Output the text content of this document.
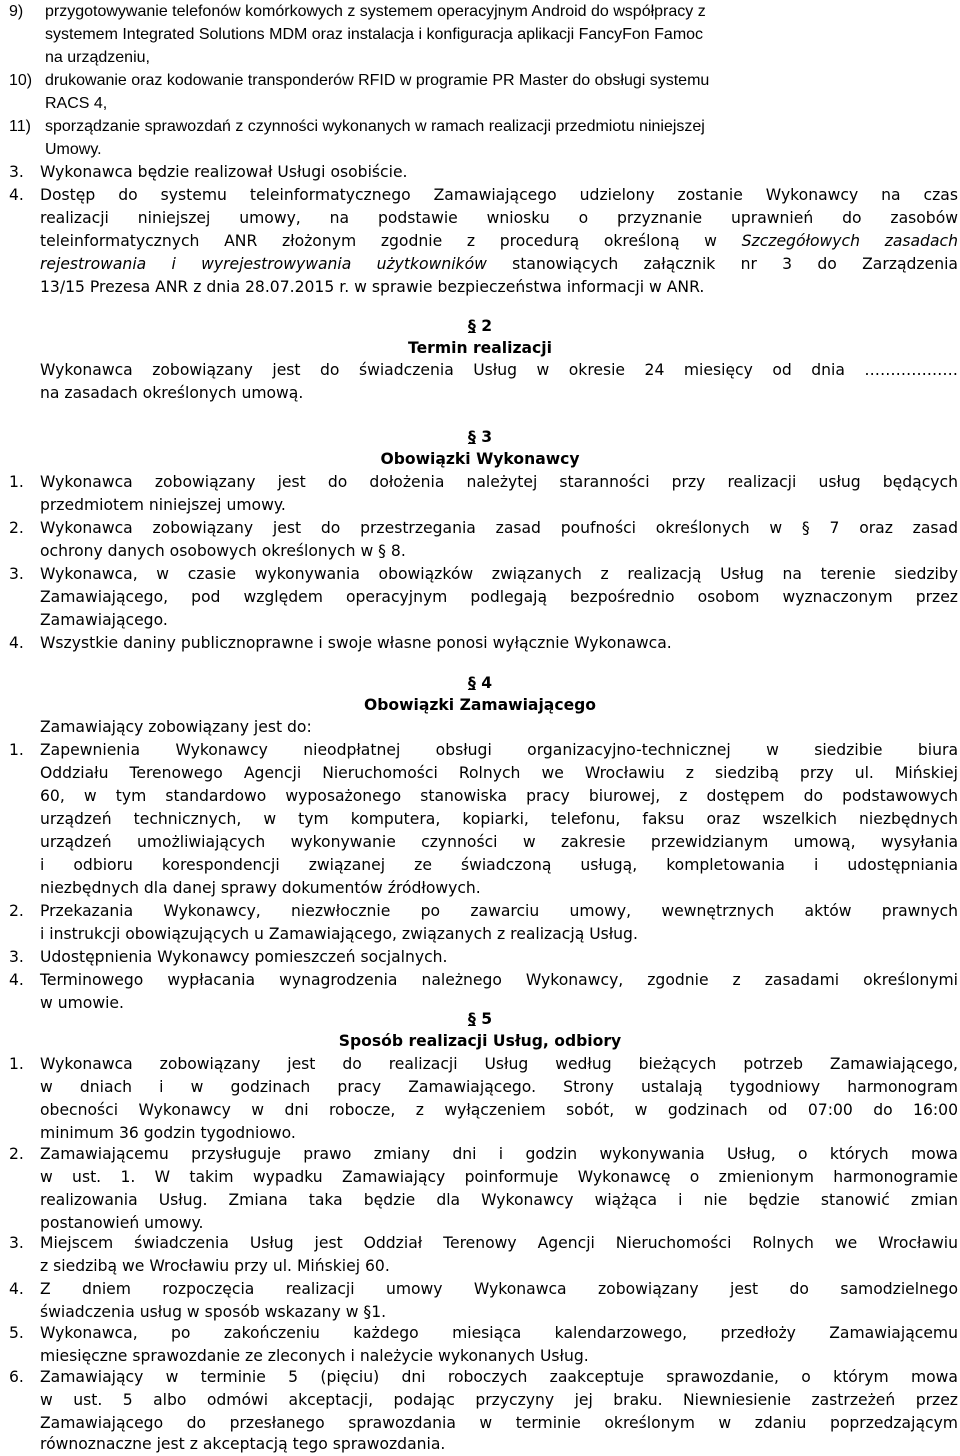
9) przygotowywanie telefonów komórkowych z systemem operacyjnym Android do współpracy z
systemem Integrated Solutions MDM oraz instalacja i konfiguracja aplikacji FancyFon Famoc
na urządzeniu,
10) drukowanie oraz kodowanie transponderów RFID w programie PR Master do obsługi systemu
RACS 4,
11) sporządzanie sprawozdań z czynności wykonanych w ramach realizacji przedmiotu niniejszej
Umowy.
3. Wykonawca będzie realizował Usługi osobiście.
4. Dostęp do systemu teleinformatycznego Zamawiającego udzielony zostanie Wykonawcy na czas
realizacji niniejszej umowy, na podstawie wniosku o przyznanie uprawnień do zasobów
teleinformatycznych ANR złożonym zgodnie z procedurą określoną w Szczegółowych zasadach
rejestrowania i wyrejestrowywania użytkowników stanowiących załącznik nr 3 do Zarządzenia
13/15 Prezesa ANR z dnia 28.07.2015 r. w sprawie bezpieczeństwa informacji w ANR.
§ 2
Termin realizacji
Wykonawca zobowiązany jest do świadczenia Usług w okresie 24 miesięcy od dnia ………………
na zasadach określonych umową.
§ 3
Obowiązki Wykonawcy
1. Wykonawca zobowiązany jest do dołożenia należytej staranności przy realizacji usług będących
przedmiotem niniejszej umowy.
2. Wykonawca zobowiązany jest do przestrzegania zasad poufności określonych w § 7 oraz zasad
ochrony danych osobowych określonych w § 8.
3. Wykonawca, w czasie wykonywania obowiązków związanych z realizacją Usług na terenie siedziby
Zamawiającego, pod względem operacyjnym podlegają bezpośrednio osobom wyznaczonym przez
Zamawiającego.
4. Wszystkie daniny publicznoprawne i swoje własne ponosi wyłącznie Wykonawca.
§ 4
Obowiązki Zamawiającego
Zamawiający zobowiązany jest do:
1. Zapewnienia Wykonawcy nieodpłatnej obsługi organizacyjno-technicznej w siedzibie biura
Oddziału Terenowego Agencji Nieruchomości Rolnych we Wrocławiu z siedzibą przy ul. Mińskiej
60, w tym standardowo wyposażonego stanowiska pracy biurowej, z dostępem do podstawowych
urządzeń technicznych, w tym komputera, kopiarki, telefonu, faksu oraz wszelkich niezbędnych
urządzeń umożliwiających wykonywanie czynności w zakresie przewidzianym umową, wysyłania
i odbioru korespondencji związanej ze świadczoną usługą, kompletowania i udostępniania
niezbędnych dla danej sprawy dokumentów źródłowych.
2. Przekazania Wykonawcy, niezwłocznie po zawarciu umowy, wewnętrznych aktów prawnych
i instrukcji obowiązujących u Zamawiającego, związanych z realizacją Usług.
3. Udostępnienia Wykonawcy pomieszczeń socjalnych.
4. Terminowego wypłacania wynagrodzenia należnego Wykonawcy, zgodnie z zasadami określonymi
w umowie.
§ 5
Sposób realizacji Usług, odbiory
1. Wykonawca zobowiązany jest do realizacji Usług według bieżących potrzeb Zamawiającego,
w dniach i w godzinach pracy Zamawiającego. Strony ustalają tygodniowy harmonogram
obecności Wykonawcy w dni robocze, z wyłączeniem sobót, w godzinach od 07:00 do 16:00
minimum 36 godzin tygodniowo.
2. Zamawiającemu przysługuje prawo zmiany dni i godzin wykonywania Usług, o których mowa
w ust. 1. W takim wypadku Zamawiający poinformuje Wykonawcę o zmienionym harmonogramie
realizowania Usług. Zmiana taka będzie dla Wykonawcy wiążąca i nie będzie stanowić zmian
postanowień umowy.
3. Miejscem świadczenia Usług jest Oddział Terenowy Agencji Nieruchomości Rolnych we Wrocławiu
z siedzibą we Wrocławiu przy ul. Mińskiej 60.
4. Z dniem rozpoczęcia realizacji umowy Wykonawca zobowiązany jest do samodzielnego
świadczenia usług w sposób wskazany w §1.
5. Wykonawca, po zakończeniu każdego miesiąca kalendarzowego, przedłoży Zamawiającemu
miesięczne sprawozdanie ze zleconych i należycie wykonanych Usług.
6. Zamawiający w terminie 5 (pięciu) dni roboczych zaakceptuje sprawozdanie, o którym mowa
w ust. 5 albo odmówi akceptacji, podając przyczyny jej braku. Niewniesienie zastrzeżeń przez
Zamawiającego do przesłanego sprawozdania w terminie określonym w zdaniu poprzedzającym
równoznaczne jest z akceptacją tego sprawozdania.
